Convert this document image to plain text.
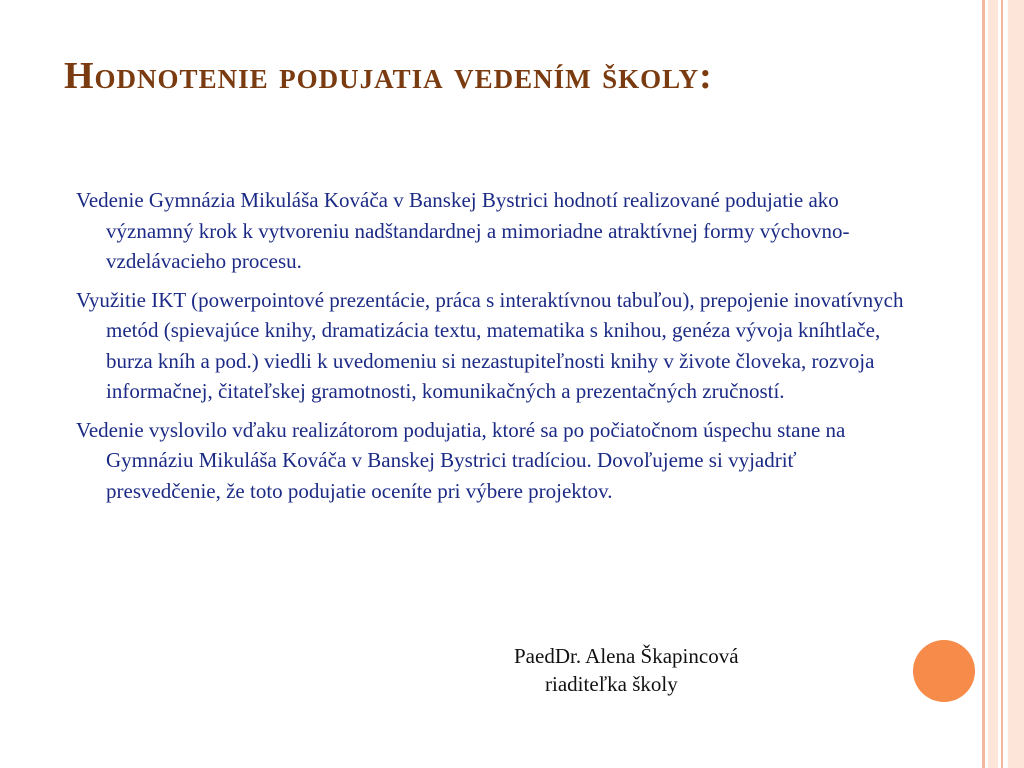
Hodnotenie podujatia vedením školy:

Vedenie Gymnázia Mikuláša Kováča v Banskej Bystrici hodnotí realizované podujatie ako významný krok k vytvoreniu nadštandardnej a mimoriadne atraktívnej formy výchovno-vzdelávacieho procesu.

Využitie IKT (powerpointové prezentácie, práca s interaktívnou tabuľou), prepojenie inovatívnych metód (spievajúce knihy, dramatizácia textu, matematika s knihou, genéza vývoja kníhtlače, burza kníh a pod.) viedli k uvedomeniu si nezastupiteľnosti knihy v živote človeka, rozvoja informačnej, čitateľskej gramotnosti, komunikačných a prezentačných zručností.

Vedenie vyslovilo vďaku realizátorom podujatia, ktoré sa po počiatočnom úspechu stane na Gymnáziu Mikuláša Kováča v Banskej Bystrici tradíciou. Dovoľujeme si vyjadriť presvedčenie, že toto podujatie oceníte pri výbere projektov.

PaedDr. Alena Škapincová
riaditeľka školy
